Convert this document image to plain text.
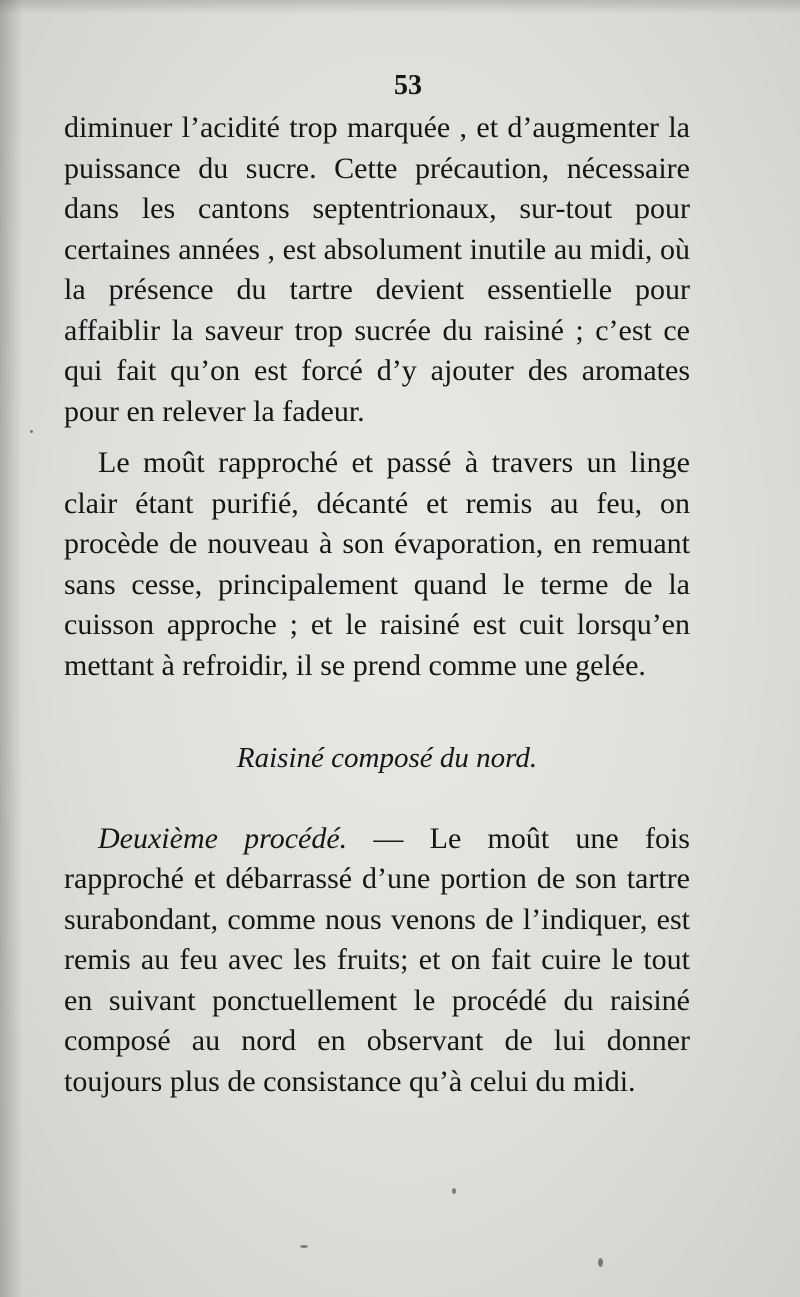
53

diminuer l’acidité trop marquée , et d’augmenter la puissance du sucre. Cette précaution, nécessaire dans les cantons septentrionaux, sur-tout pour certaines années , est absolument inutile au midi, où la présence du tartre devient essentielle pour affaiblir la saveur trop sucrée du raisiné ; c’est ce qui fait qu’on est forcé d’y ajouter des aromates pour en relever la fadeur.

Le moût rapproché et passé à travers un linge clair étant purifié, décanté et remis au feu, on procède de nouveau à son évaporation, en remuant sans cesse, principalement quand le terme de la cuisson approche ; et le raisiné est cuit lorsqu’en mettant à refroidir, il se prend comme une gelée.

Raisiné composé du nord.

Deuxième procédé. — Le moût une fois rapproché et débarrassé d’une portion de son tartre surabondant, comme nous venons de l’indiquer, est remis au feu avec les fruits; et on fait cuire le tout en suivant ponctuellement le procédé du raisiné composé au nord en observant de lui donner toujours plus de consistance qu’à celui du midi.
